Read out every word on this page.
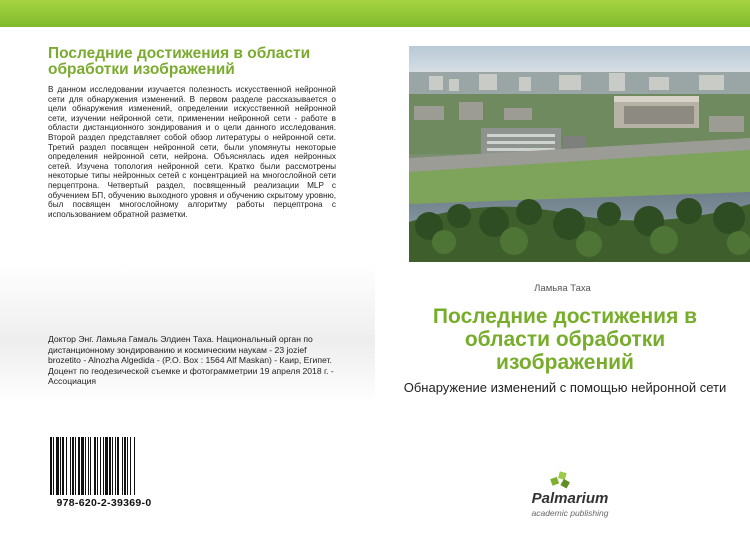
Последние достижения в области обработки изображений

В данном исследовании изучается полезность искусственной нейронной сети для обнаружения изменений. В первом разделе рассказывается о цели обнаружения изменений, определении искусственной нейронной сети, изучении нейронной сети, применении нейронной сети - работе в области дистанционного зондирования и о цели данного исследования. Второй раздел представляет собой обзор литературы о нейронной сети. Третий раздел посвящен нейронной сети, были упомянуты некоторые определения нейронной сети, нейрона. Объяснялась идея нейронных сетей. Изучена топология нейронной сети. Кратко были рассмотрены некоторые типы нейронных сетей с концентрацией на многослойной сети перцептрона. Четвертый раздел, посвященный реализации MLP с обучением БП, обучению выходного уровня и обучению скрытому уровню, был посвящен многослойному алгоритму работы перцептрона с использованием обратной разметки.

Доктор Энг. Ламьяа Гамаль Элдиен Таха. Национальный орган по дистанционному зондированию и космическим наукам - 23 jozief brozetito - Alnozha Algedida - (P.O. Box : 1564 Alf Maskan) - Каир, Египет. Доцент по геодезической съемке и фотограмметрии 19 апреля 2018 г. - Ассоциация

978-620-2-39369-0

Ламьяа Таха

Последние достижения в области обработки изображений

Обнаружение изменений с помощью нейронной сети

Palmarium
academic publishing
